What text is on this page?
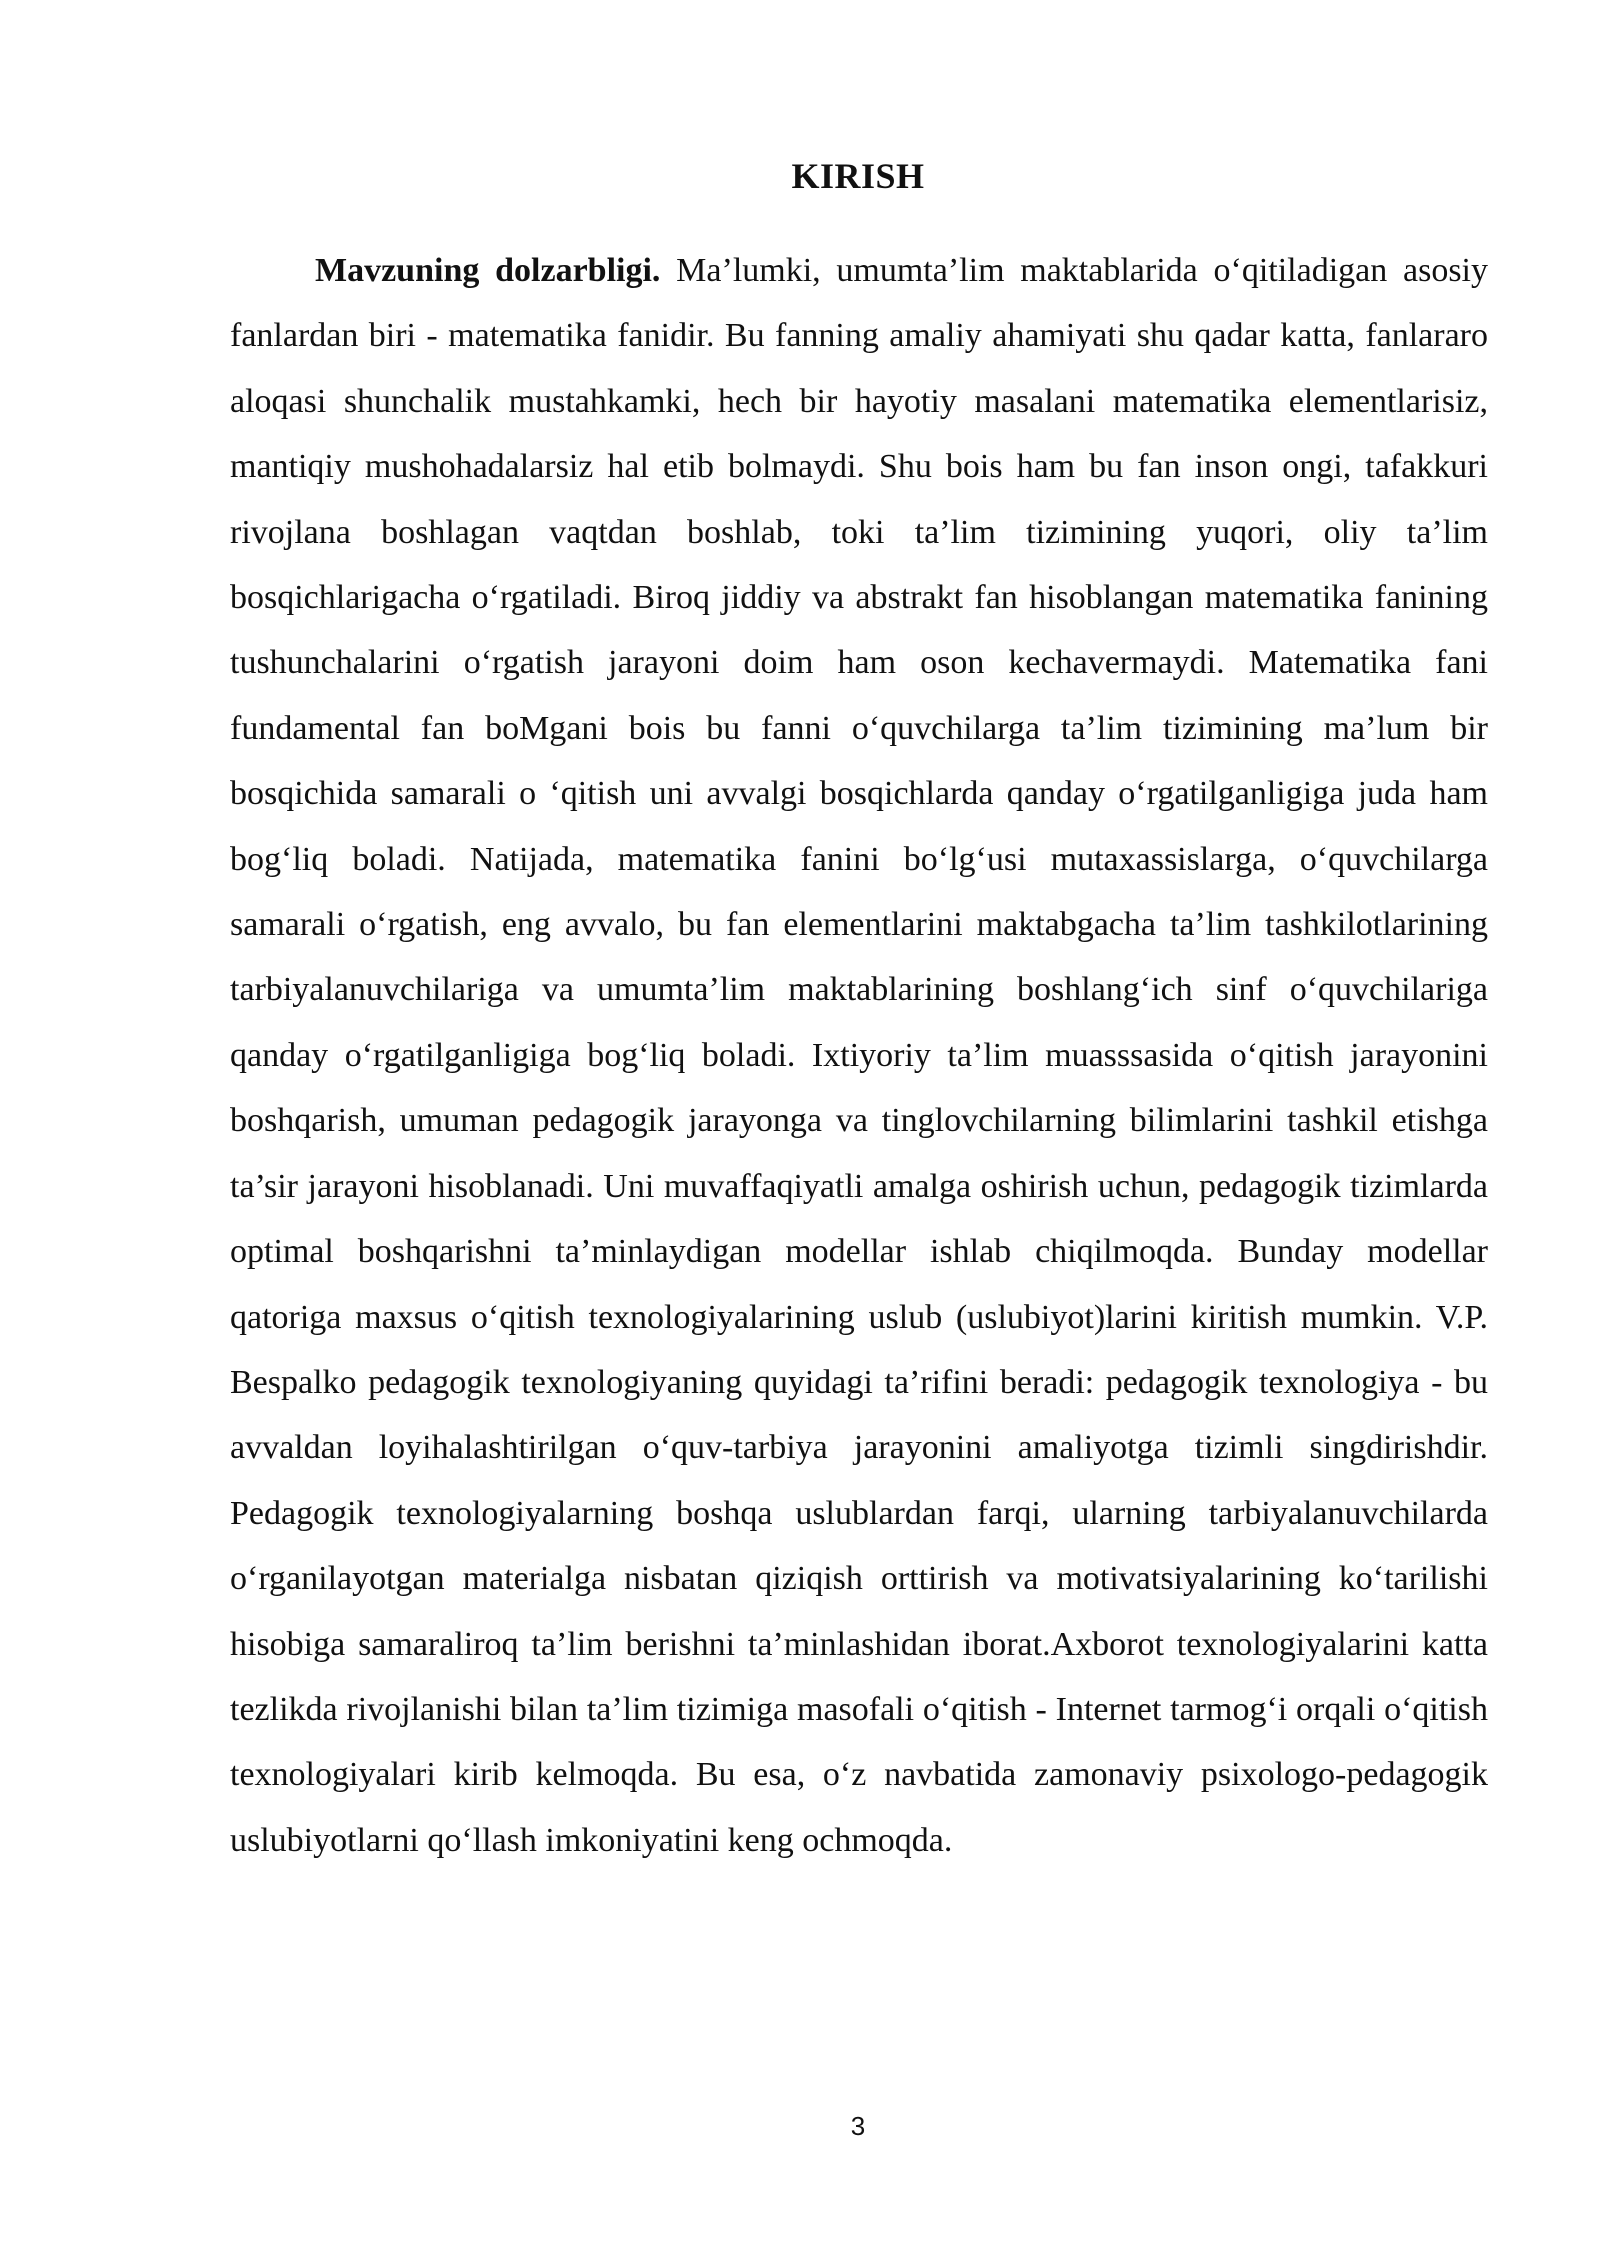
KIRISH

Mavzuning dolzarbligi. Ma’lumki, umumta’lim maktablarida o‘qitiladigan asosiy fanlardan biri - matematika fanidir. Bu fanning amaliy ahamiyati shu qadar katta, fanlararo aloqasi shunchalik mustahkamki, hech bir hayotiy masalani matematika elementlarisiz, mantiqiy mushohadalarsiz hal etib bolmaydi. Shu bois ham bu fan inson ongi, tafakkuri rivojlana boshlagan vaqtdan boshlab, toki ta’lim tizimining yuqori, oliy ta’lim bosqichlarigacha o‘rgatiladi. Biroq jiddiy va abstrakt fan hisoblangan matematika fanining tushunchalarini o‘rgatish jarayoni doim ham oson kechavermaydi. Matematika fani fundamental fan boMgani bois bu fanni o‘quvchilarga ta’lim tizimining ma’lum bir bosqichida samarali o ‘qitish uni avvalgi bosqichlarda qanday o‘rgatilganligiga juda ham bog‘liq boladi. Natijada, matematika fanini bo‘lg‘usi mutaxassislarga, o‘quvchilarga samarali o‘rgatish, eng avvalo, bu fan elementlarini maktabgacha ta’lim tashkilotlarining tarbiyalanuvchilariga va umumta’lim maktablarining boshlang‘ich sinf o‘quvchilariga qanday o‘rgatilganligiga bog‘liq boladi. Ixtiyoriy ta’lim muasssasida o‘qitish jarayonini boshqarish, umuman pedagogik jarayonga va tinglovchilarning bilimlarini tashkil etishga ta’sir jarayoni hisoblanadi. Uni muvaffaqiyatli amalga oshirish uchun, pedagogik tizimlarda optimal boshqarishni ta’minlaydigan modellar ishlab chiqilmoqda. Bunday modellar qatoriga maxsus o‘qitish texnologiyalarining uslub (uslubiyot)larini kiritish mumkin. V.P. Bespalko pedagogik texnologiyaning quyidagi ta’rifini beradi: pedagogik texnologiya - bu avvaldan loyihalashtirilgan o‘quv-tarbiya jarayonini amaliyotga tizimli singdirishdir. Pedagogik texnologiyalarning boshqa uslublardan farqi, ularning tarbiyalanuvchilarda o‘rganilayotgan materialga nisbatan qiziqish orttirish va motivatsiyalarining ko‘tarilishi hisobiga samaraliroq ta’lim berishni ta’minlashidan iborat.Axborot texnologiyalarini katta tezlikda rivojlanishi bilan ta’lim tizimiga masofali o‘qitish - Internet tarmog‘i orqali o‘qitish texnologiyalari kirib kelmoqda. Bu esa, o‘z navbatida zamonaviy psixologo-pedagogik uslubiyotlarni qo‘llash imkoniyatini keng ochmoqda.

3
